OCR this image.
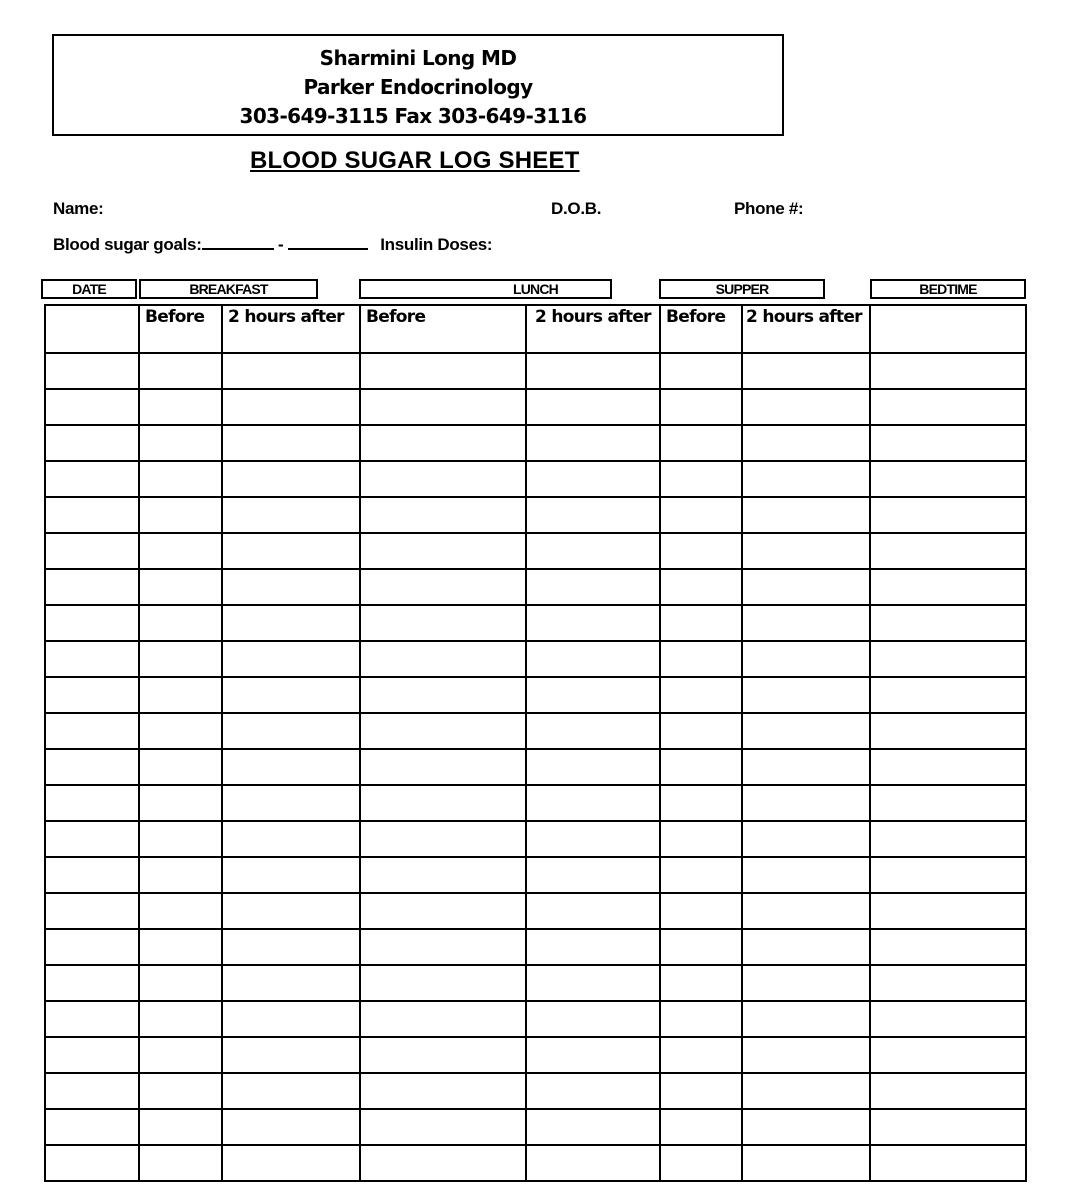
Sharmini Long MD
Parker Endocrinology
303-649-3115 Fax 303-649-3116
BLOOD SUGAR LOG SHEET
Name:	D.O.B.	Phone #:
Blood sugar goals:	-	Insulin Doses:
DATE	BREAKFAST	LUNCH	SUPPER	BEDTIME
	Before	2 hours after	Before	2 hours after	Before	2 hours after	
